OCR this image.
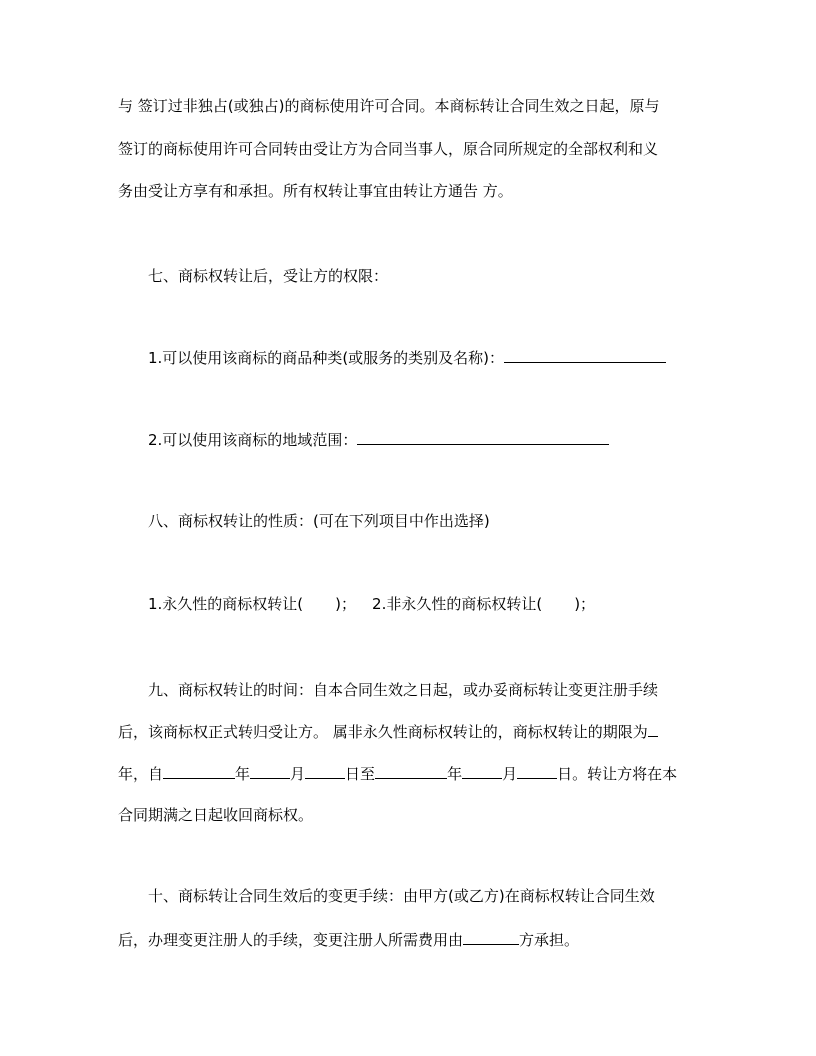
与 签订过非独占(或独占)的商标使用许可合同。本商标转让合同生效之日起，原与
签订的商标使用许可合同转由受让方为合同当事人，原合同所规定的全部权利和义
务由受让方享有和承担。所有权转让事宜由转让方通告 方。
七、商标权转让后，受让方的权限：
1.可以使用该商标的商品种类(或服务的类别及名称)：
2.可以使用该商标的地域范围：
八、商标权转让的性质：(可在下列项目中作出选择)
1.永久性的商标权转让( )； 2.非永久性的商标权转让( )；
九、商标权转让的时间：自本合同生效之日起，或办妥商标转让变更注册手续
后，该商标权正式转归受让方。 属非永久性商标权转让的，商标权转让的期限为
年，自	年	月	日至	年	月	日。转让方将在本
合同期满之日起收回商标权。
十、商标转让合同生效后的变更手续：由甲方(或乙方)在商标权转让合同生效
后，办理变更注册人的手续，变更注册人所需费用由	方承担。
